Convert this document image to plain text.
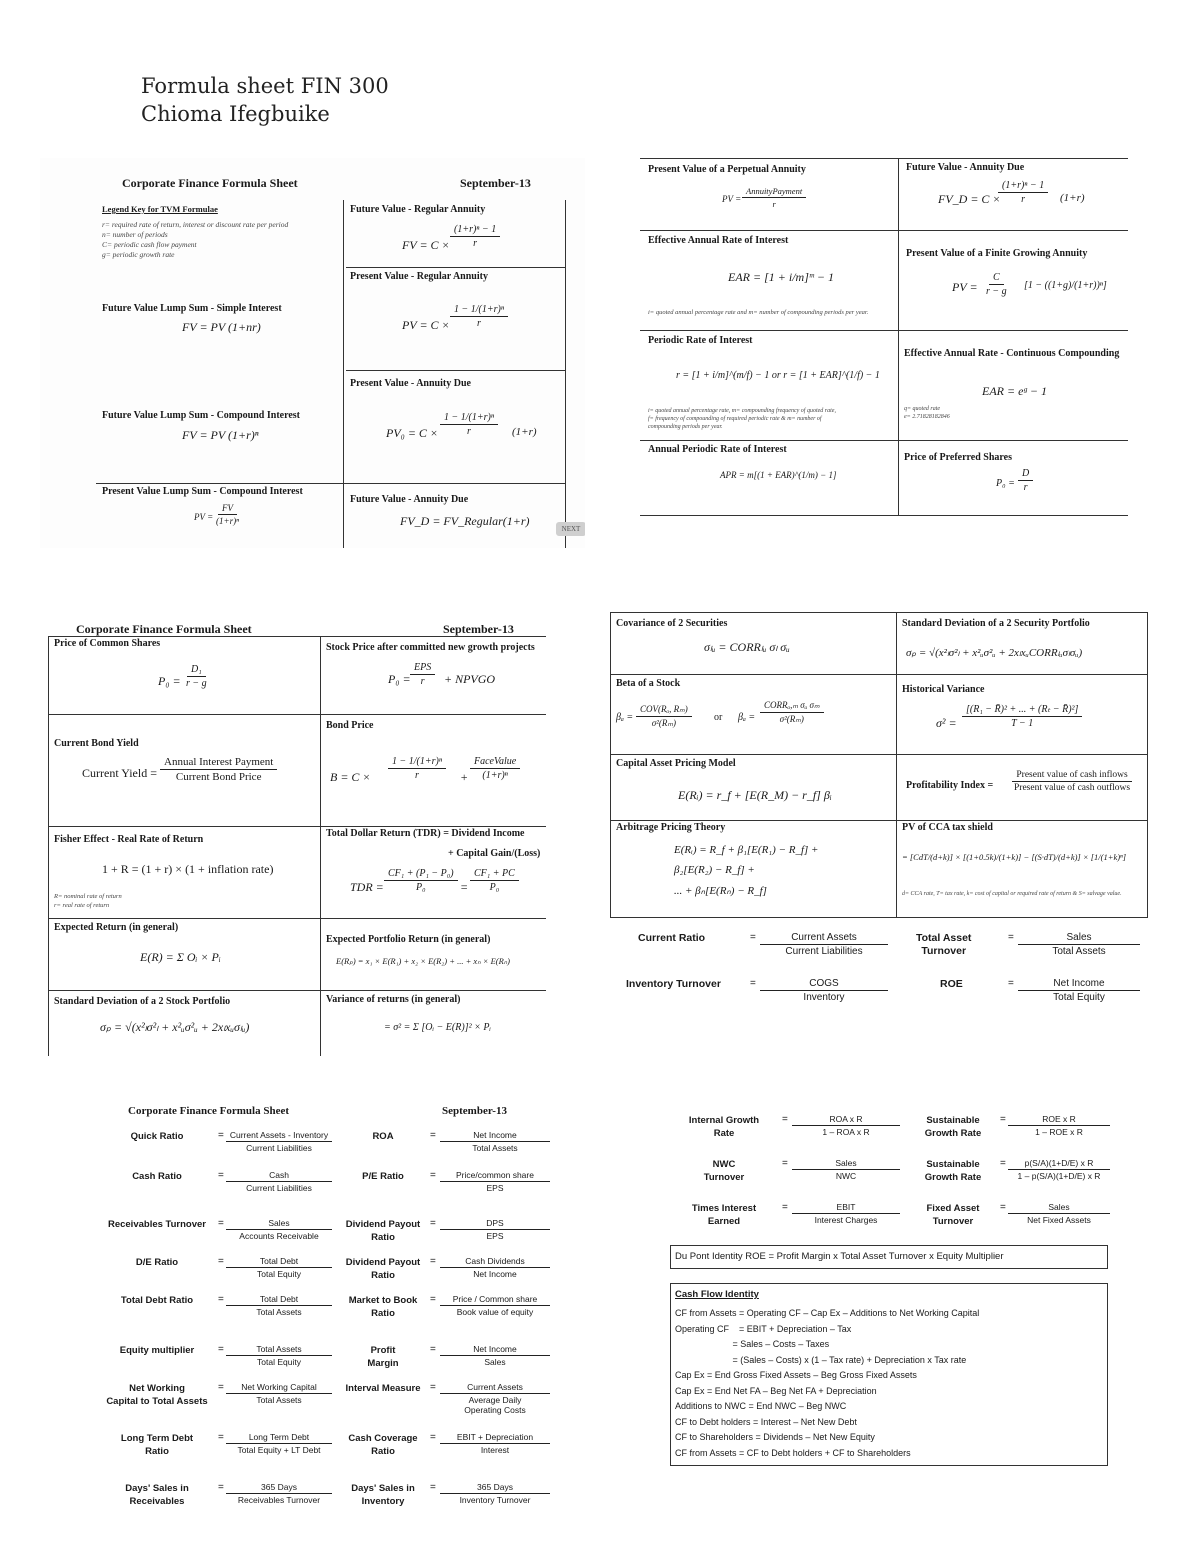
Formula sheet FIN 300
Chioma Ifegbuike
Corporate Finance Formula Sheet	September-13
Legend Key for TVM Formulae
r= required rate of return, interest or discount rate per period
n= number of periods
C= periodic cash flow payment
g= periodic growth rate
Future Value Lump Sum - Simple Interest
FV = PV (1+nr)
Future Value Lump Sum - Compound Interest
FV = PV (1+r)ⁿ
Present Value Lump Sum - Compound Interest
PV =
$\frac{FV}{\text{(1+r)ⁿ}}$
Future Value - Regular Annuity
FV = $C \times \frac{\text{(1+r)ⁿ − 1}}{r}$
Present Value - Regular Annuity
PV = $C \times \frac{\text{1 − 1/(1+r)ⁿ}}{r}$
Present Value - Annuity Due
$PV_0 = C \times \frac{\text{1 − 1/(1+r)ⁿ}}{r} (1+r)$
Future Value - Annuity Due
FV_D = FV_Regular(1+r)
NEXT
Present Value of a Perpetual Annuity
PV =
AnnuityPayment
r
Future Value - Annuity Due
FV_D = C ×
$\frac{\text{(1+r)ⁿ − 1}}{r} (1+r)$
Effective Annual Rate of Interest
EAR = [1 + i/m]ᵐ − 1
i= quoted annual percentage rate and m= number of compounding periods per year.
Present Value of a Finite Growing Annuity
PV = $\frac{C}{r - g} [1 - ((1+g)/(1+r))^n]$
Periodic Rate of Interest
r = [1 + i/m]^(m/f) − 1 or r = [1 + EAR]^(1/f) − 1
i= quoted annual percentage rate, m= compounding frequency of quoted rate,
f= frequency of compounding of required periodic rate & m= number of
compounding periods per year.
Effective Annual Rate - Continuous Compounding
EAR = eᵍ − 1
q= quoted rate
e= 2.71828182846
Annual Periodic Rate of Interest
APR = m[(1 + EAR)^(1/m) − 1]
Price of Preferred Shares
$P_0 = \frac{D}{r}$
Corporate Finance Formula Sheet	September-13
Price of Common Shares
$P_0 = \frac{\text{D₁}}{r - g}$
Stock Price after committed new growth projects
P₀ =
EPS
r	+ NPVGO
Current Bond Yield
Current Yield =
Annual Interest Payment
Current Bond Price
Bond Price
$B = C \times \frac{\text{1 − 1/(1+r)ⁿ}}{r}$ +
FaceValue
(1+r)ⁿ
Fisher Effect - Real Rate of Return
1 + R = (1 + r) × (1 + inflation rate)
R= nominal rate of return
r= real rate of return
Total Dollar Return (TDR) = Dividend Income
+ Capital Gain/(Loss)
TDR = $\frac{\text{CF₁ + (P₁ − P₀)}}{\text{P₀}} = \frac{\text{CF₁ + PC}}{\text{P₀}}$
Expected Return (in general)
E(R) = Σ Oᵢ × Pᵢ
Expected Portfolio Return (in general)
E(Rₚ) = x₁ × E(R₁) + x₂ × E(R₂) + ... + xₙ × E(Rₙ)
Standard Deviation of a 2 Stock Portfolio
σₚ = √(x²ₗσ²ₗ + x²ᵤσ²ᵤ + 2xₗxᵤσₗᵤ)
Variance of returns (in general)
= σ² = Σ [Oᵢ − E(R)]² × Pᵢ
Covariance of 2 Securities
σₗᵤ = CORRₗᵤ σₗ σᵤ
Standard Deviation of a 2 Security Portfolio
σₚ = √(x²ₗσ²ₗ + x²ᵤσ²ᵤ + 2xₗxᵤCORRₗᵤσₗσᵤ)
Beta of a Stock
βₐ =
COV(Rₐ, Rₘ)
σ²(Rₘ)	or βₐ =
CORRₐ,ₘ σₐ σₘ
σ²(Rₘ)
Historical Variance
$\sigma^2 = \frac{\text{[(R₁ − R̄)² + ... + (Rₜ − R̄)²]}}{T - 1}$
Capital Asset Pricing Model
E(Rᵢ) = r_f + [E(R_M) − r_f] βᵢ
Profitability Index =
Present value of cash inflows
Present value of cash outflows
Arbitrage Pricing Theory
E(Rᵢ) = R_f + β₁[E(R₁) − R_f] +
β₂[E(R₂) − R_f] +
... + βₙ[E(Rₙ) − R_f]
PV of CCA tax shield
= [CdT/(d+k)] × [(1+0.5k)/(1+k)] − [(S·dT)/(d+k)] × [1/(1+k)ⁿ]
d= CCA rate, T= tax rate, k= cost of capital or required rate of return & S= salvage value.
Current Ratio	=	Current Assets
Current Liabilities
Total Asset
Turnover
=	Sales
Total Assets
Inventory Turnover	=	COGS
Inventory
ROE	=	Net Income
Total Equity
Corporate Finance Formula Sheet	September-13
Quick Ratio	= Current Assets - Inventory
Current Liabilities
ROA	=	Net Income
Total Assets
Cash Ratio	=	Cash
Current Liabilities
P/E Ratio	=	Price/common share
EPS
Receivables Turnover	=	Sales
Accounts Receivable
Dividend Payout
Ratio
=	DPS
EPS
D/E Ratio	=	Total Debt
Total Equity
Dividend Payout
Ratio
=	Cash Dividends
Net Income
Total Debt Ratio	=	Total Debt
Total Assets
Market to Book
Ratio
=	Price / Common share
Book value of equity
Equity multiplier	=	Total Assets
Total Equity
Profit
Margin
=	Net Income
Sales
Net Working
Capital to Total Assets
=	Net Working Capital
Total Assets
Interval Measure =	Current Assets
Average Daily
Operating Costs
Long Term Debt
Ratio
=	Long Term Debt
Total Equity + LT Debt
Cash Coverage
Ratio
=	EBIT + Depreciation
Interest
Days' Sales in
Receivables
=	365 Days
Receivables Turnover
Days' Sales in
Inventory
=	365 Days
Inventory Turnover
Internal Growth
Rate
=	ROA x R
1 – ROA x R
Sustainable
Growth Rate
=	ROE x R
1 – ROE x R
NWC
Turnover
=	Sales
NWC
Sustainable
Growth Rate
= $\frac{\text{p(S/A)(1+D/E) x R}}{\text{1 – p(S/A)(1+D/E) x R}}$
Times Interest
Earned
=	EBIT
Interest Charges
Fixed Asset
Turnover
=	Sales
Net Fixed Assets
Du Pont Identity ROE = Profit Margin x Total Asset Turnover x Equity Multiplier
Cash Flow Identity
CF from Assets = Operating CF – Cap Ex – Additions to Net Working Capital
Operating CF    = EBIT + Depreciation – Tax
= Sales – Costs – Taxes
= (Sales – Costs) x (1 – Tax rate) + Depreciation x Tax rate
Cap Ex = End Gross Fixed Assets – Beg Gross Fixed Assets
Cap Ex = End Net FA – Beg Net FA + Depreciation
Additions to NWC = End NWC – Beg NWC
CF to Debt holders = Interest – Net New Debt
CF to Shareholders = Dividends – Net New Equity
CF from Assets = CF to Debt holders + CF to Shareholders
